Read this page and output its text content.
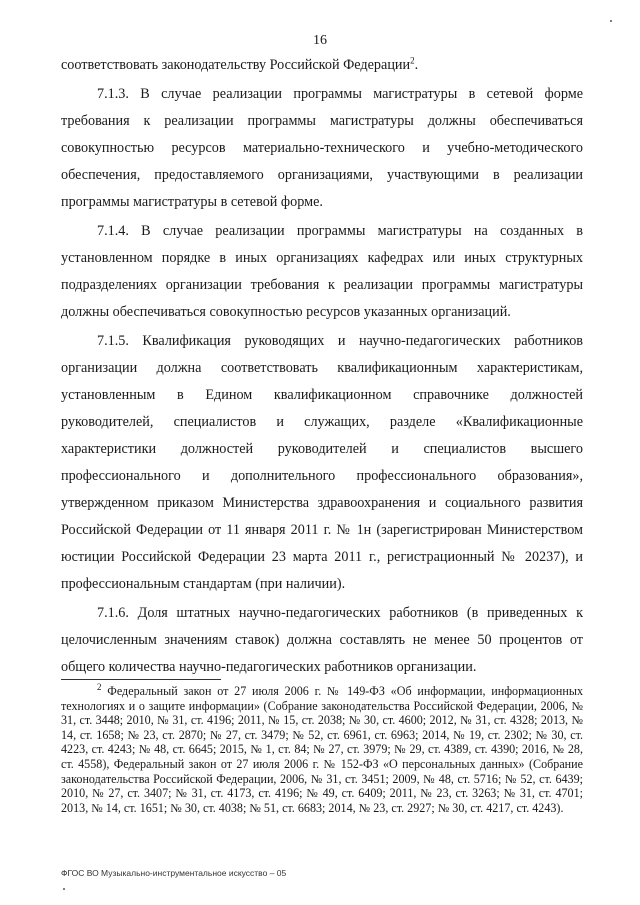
16

соответствовать законодательству Российской Федерации$^2$.

7.1.3. В случае реализации программы магистратуры в сетевой форме требования к реализации программы магистратуры должны обеспечиваться совокупностью ресурсов материально-технического и учебно-методического обеспечения, предоставляемого организациями, участвующими в реализации программы магистратуры в сетевой форме.

7.1.4. В случае реализации программы магистратуры на созданных в установленном порядке в иных организациях кафедрах или иных структурных подразделениях организации требования к реализации программы магистратуры должны обеспечиваться совокупностью ресурсов указанных организаций.

7.1.5. Квалификация руководящих и научно-педагогических работников организации должна соответствовать квалификационным характеристикам, установленным в Едином квалификационном справочнике должностей руководителей, специалистов и служащих, разделе «Квалификационные характеристики должностей руководителей и специалистов высшего профессионального и дополнительного профессионального образования», утвержденном приказом Министерства здравоохранения и социального развития Российской Федерации от 11 января 2011 г. № 1н (зарегистрирован Министерством юстиции Российской Федерации 23 марта 2011 г., регистрационный № 20237), и профессиональным стандартам (при наличии).

7.1.6. Доля штатных научно-педагогических работников (в приведенных к целочисленным значениям ставок) должна составлять не менее 50 процентов от общего количества научно-педагогических работников организации.

$^2$ Федеральный закон от 27 июля 2006 г. № 149-ФЗ «Об информации, информационных технологиях и о защите информации» (Собрание законодательства Российской Федерации, 2006, № 31, ст. 3448; 2010, № 31, ст. 4196; 2011, № 15, ст. 2038; № 30, ст. 4600; 2012, № 31, ст. 4328; 2013, № 14, ст. 1658; № 23, ст. 2870; № 27, ст. 3479; № 52, ст. 6961, ст. 6963; 2014, № 19, ст. 2302; № 30, ст. 4223, ст. 4243; № 48, ст. 6645; 2015, № 1, ст. 84; № 27, ст. 3979; № 29, ст. 4389, ст. 4390; 2016, № 28, ст. 4558), Федеральный закон от 27 июля 2006 г. № 152-ФЗ «О персональных данных» (Собрание законодательства Российской Федерации, 2006, № 31, ст. 3451; 2009, № 48, ст. 5716; № 52, ст. 6439; 2010, № 27, ст. 3407; № 31, ст. 4173, ст. 4196; № 49, ст. 6409; 2011, № 23, ст. 3263; № 31, ст. 4701; 2013, № 14, ст. 1651; № 30, ст. 4038; № 51, ст. 6683; 2014, № 23, ст. 2927; № 30, ст. 4217, ст. 4243).

ФГОС ВО Музыкально-инструментальное искусство – 05
